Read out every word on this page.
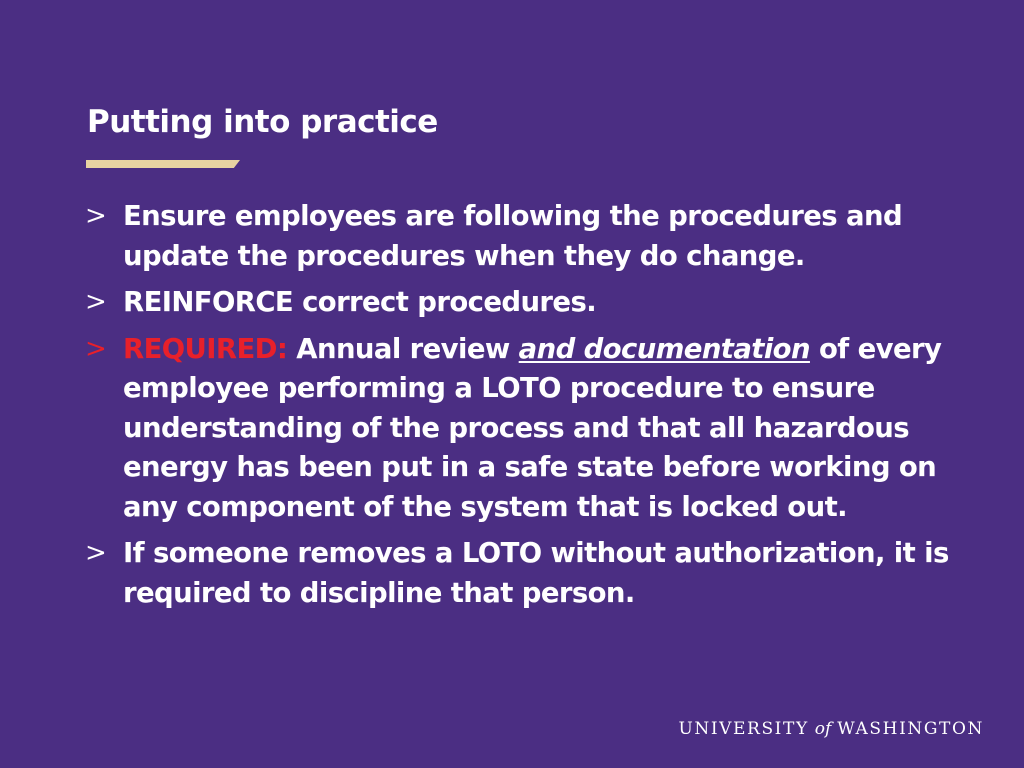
Putting into practice
> Ensure employees are following the procedures and update the procedures when they do change.
> REINFORCE correct procedures.
> REQUIRED: Annual review and documentation of every employee performing a LOTO procedure to ensure understanding of the process and that all hazardous energy has been put in a safe state before working on any component of the system that is locked out.
> If someone removes a LOTO without authorization, it is required to discipline that person.
UNIVERSITY of WASHINGTON
